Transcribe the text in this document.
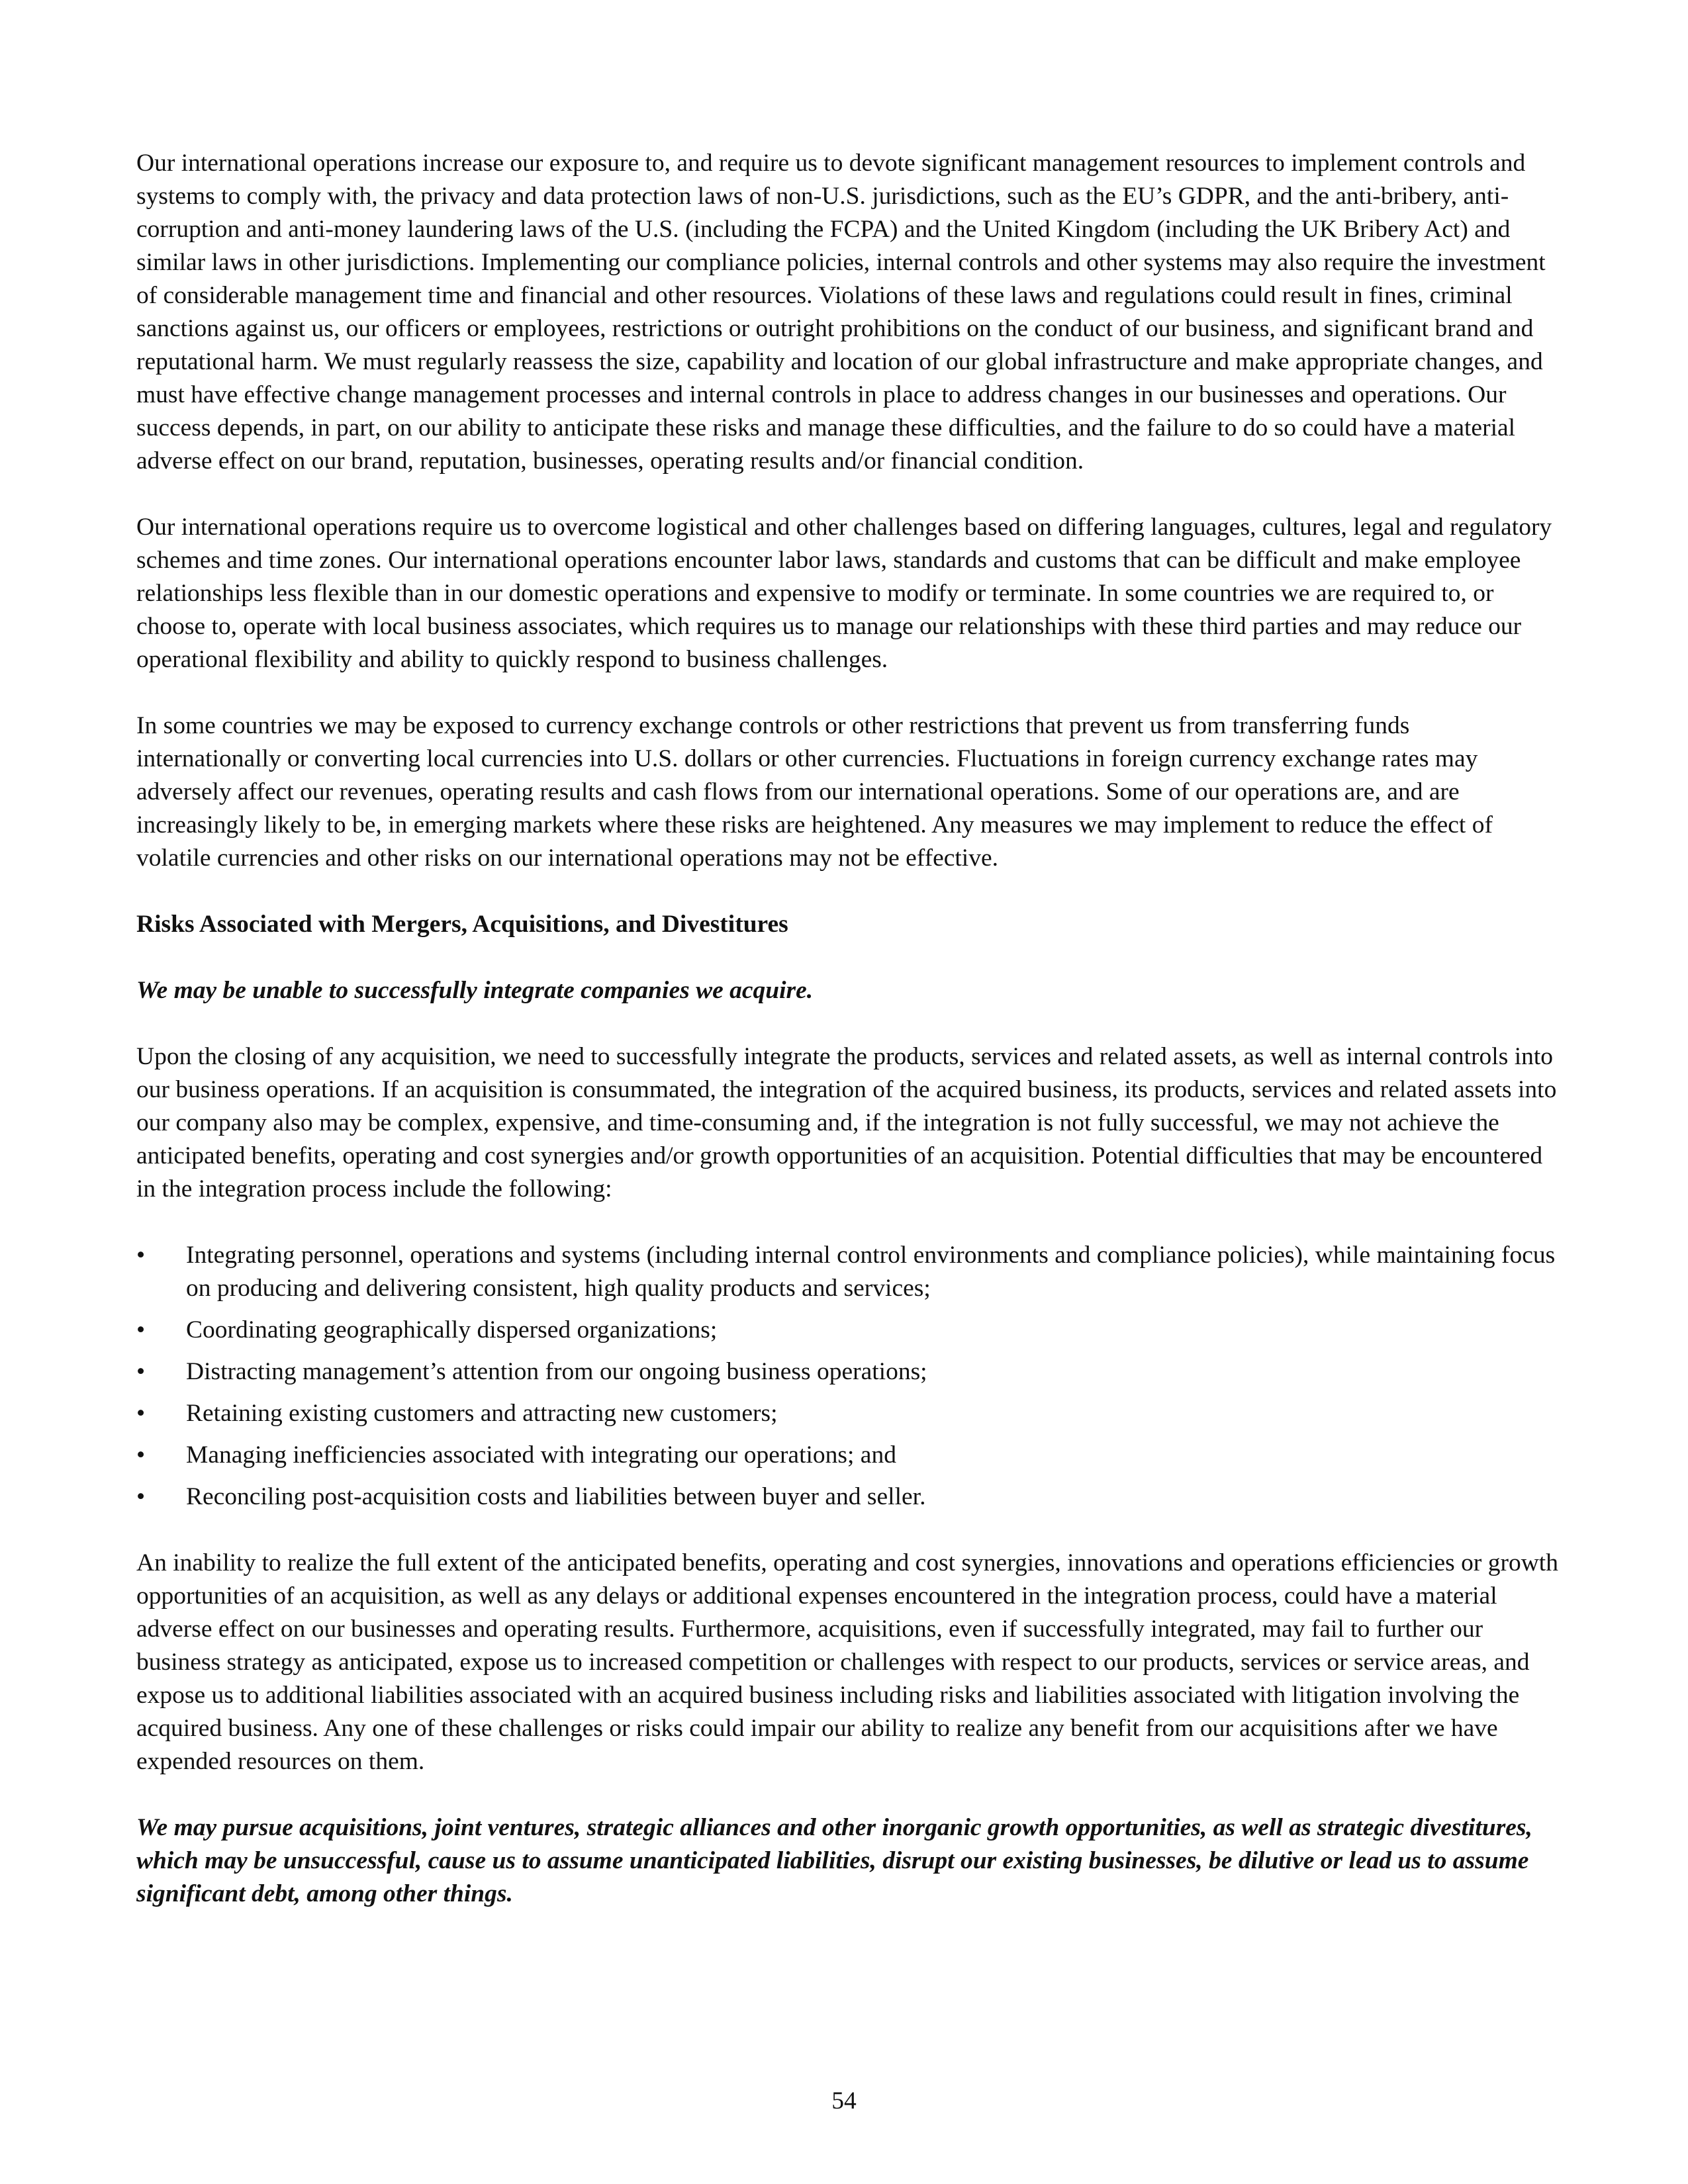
Our international operations increase our exposure to, and require us to devote significant management resources to implement controls and systems to comply with, the privacy and data protection laws of non-U.S. jurisdictions, such as the EU’s GDPR, and the anti-bribery, anti-corruption and anti-money laundering laws of the U.S. (including the FCPA) and the United Kingdom (including the UK Bribery Act) and similar laws in other jurisdictions. Implementing our compliance policies, internal controls and other systems may also require the investment of considerable management time and financial and other resources. Violations of these laws and regulations could result in fines, criminal sanctions against us, our officers or employees, restrictions or outright prohibitions on the conduct of our business, and significant brand and reputational harm. We must regularly reassess the size, capability and location of our global infrastructure and make appropriate changes, and must have effective change management processes and internal controls in place to address changes in our businesses and operations. Our success depends, in part, on our ability to anticipate these risks and manage these difficulties, and the failure to do so could have a material adverse effect on our brand, reputation, businesses, operating results and/or financial condition.

Our international operations require us to overcome logistical and other challenges based on differing languages, cultures, legal and regulatory schemes and time zones. Our international operations encounter labor laws, standards and customs that can be difficult and make employee relationships less flexible than in our domestic operations and expensive to modify or terminate. In some countries we are required to, or choose to, operate with local business associates, which requires us to manage our relationships with these third parties and may reduce our operational flexibility and ability to quickly respond to business challenges.

In some countries we may be exposed to currency exchange controls or other restrictions that prevent us from transferring funds internationally or converting local currencies into U.S. dollars or other currencies. Fluctuations in foreign currency exchange rates may adversely affect our revenues, operating results and cash flows from our international operations. Some of our operations are, and are increasingly likely to be, in emerging markets where these risks are heightened. Any measures we may implement to reduce the effect of volatile currencies and other risks on our international operations may not be effective.

Risks Associated with Mergers, Acquisitions, and Divestitures
We may be unable to successfully integrate companies we acquire.

Upon the closing of any acquisition, we need to successfully integrate the products, services and related assets, as well as internal controls into our business operations. If an acquisition is consummated, the integration of the acquired business, its products, services and related assets into our company also may be complex, expensive, and time-consuming and, if the integration is not fully successful, we may not achieve the anticipated benefits, operating and cost synergies and/or growth opportunities of an acquisition. Potential difficulties that may be encountered in the integration process include the following:

• Integrating personnel, operations and systems (including internal control environments and compliance policies), while maintaining focus on producing and delivering consistent, high quality products and services;
• Coordinating geographically dispersed organizations;
• Distracting management’s attention from our ongoing business operations;
• Retaining existing customers and attracting new customers;
• Managing inefficiencies associated with integrating our operations; and
• Reconciling post-acquisition costs and liabilities between buyer and seller.

An inability to realize the full extent of the anticipated benefits, operating and cost synergies, innovations and operations efficiencies or growth opportunities of an acquisition, as well as any delays or additional expenses encountered in the integration process, could have a material adverse effect on our businesses and operating results. Furthermore, acquisitions, even if successfully integrated, may fail to further our business strategy as anticipated, expose us to increased competition or challenges with respect to our products, services or service areas, and expose us to additional liabilities associated with an acquired business including risks and liabilities associated with litigation involving the acquired business. Any one of these challenges or risks could impair our ability to realize any benefit from our acquisitions after we have expended resources on them.

We may pursue acquisitions, joint ventures, strategic alliances and other inorganic growth opportunities, as well as strategic divestitures, which may be unsuccessful, cause us to assume unanticipated liabilities, disrupt our existing businesses, be dilutive or lead us to assume significant debt, among other things.
54
